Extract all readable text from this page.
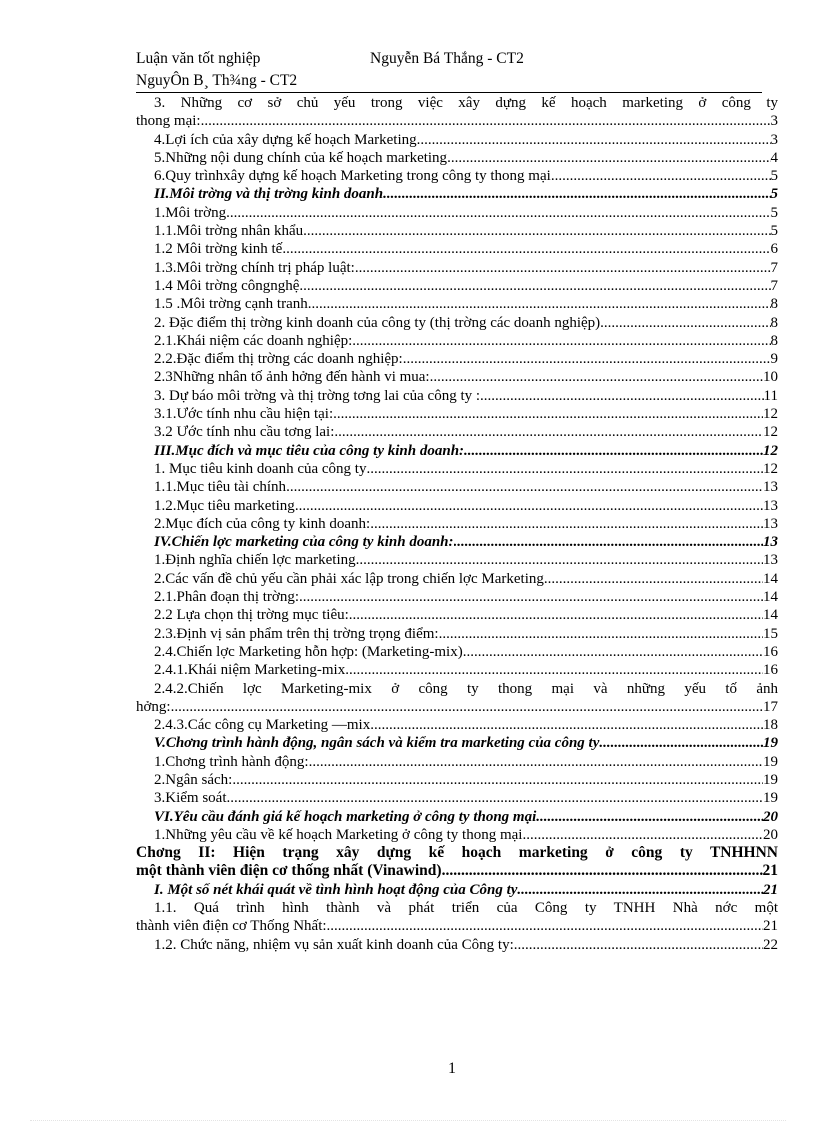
Luận văn tốt nghiệp	Nguyễn Bá Thắng - CT2
NguyÔn B¸ Th¾ng - CT2
3. Những cơ sở chủ yếu trong việc xây dựng kế hoạch marketing ở công ty
thong mại: .....	3
4.Lợi ích của xây dựng kế hoạch Marketing .....	3
5.Những nội dung chính của kế hoạch marketing .....	4
6.Quy trìnhxây dựng kế hoạch Marketing trong công ty thong mại .....	5
II.Môi trờng và thị trờng kinh doanh .....	5
1.Môi trờng .....	5
1.1.Môi trờng nhân khẩu .....	5
1.2 Môi trờng kinh tế .....	6
1.3.Môi trờng chính trị pháp luật: .....	7
1.4 Môi trờng côngnghệ .....	7
1.5 .Môi trờng cạnh tranh .....	8
2. Đặc điểm thị trờng kinh doanh của công ty (thị trờng các doanh nghiệp) .....	8
2.1.Khái niệm các doanh nghiệp: .....	8
2.2.Đặc điểm thị trờng các doanh nghiệp: .....	9
2.3Những nhân tố ảnh hởng đến hành vi mua: .....	10
3. Dự báo môi trờng và thị trờng tơng lai của công ty : .....	11
3.1.Ước tính nhu cầu hiện tại: .....	12
3.2 Ước tính nhu cầu tơng lai: .....	12
III.Mục đích và mục tiêu của công ty kinh doanh: .....	12
1. Mục tiêu kinh doanh của công ty .....	12
1.1.Mục tiêu tài chính .....	13
1.2.Mục tiêu marketing .....	13
2.Mục đích của công ty kinh doanh: .....	13
IV.Chiến lợc marketing của công ty kinh doanh: .....	13
1.Định nghĩa chiến lợc marketing .....	13
2.Các vấn đề chủ yếu cần phải xác lập trong chiến lợc Marketing .....	14
2.1.Phân đoạn thị trờng: .....	14
2.2 Lựa chọn thị trờng mục tiêu: .....	14
2.3.Định vị sản phẩm trên thị trờng trọng điểm: .....	15
2.4.Chiến lợc Marketing hỗn hợp: (Marketing-mix) .....	16
2.4.1.Khái niệm Marketing-mix .....	16
2.4.2.Chiến lợc Marketing-mix ở công ty thong mại và những yếu tố ảnh
hởng: .....	17
2.4.3.Các công cụ Marketing —mix .....	18
V.Chơng trình hành động, ngân sách và kiểm tra marketing của công ty .....	19
1.Chơng trình hành động: .....	19
2.Ngân sách: .....	19
3.Kiểm soát .....	19
VI.Yêu cầu đánh giá kế hoạch marketing ở công ty thong mại. .....	20
1.Những yêu cầu về kế hoạch Marketing ở công ty thong mại .....	20
Chơng II: Hiện trạng xây dựng kế hoạch marketing ở công ty TNHHNN
một thành viên điện cơ thống nhất (Vinawind) .....	21
I. Một số nét khái quát về tình hình hoạt động của Công ty .....	21
1.1. Quá trình hình thành và phát triển của Công ty TNHH Nhà nớc một
thành viên điện cơ Thống Nhất: .....	21
1.2. Chức năng, nhiệm vụ sản xuất kinh doanh của Công ty: .....	22
1
